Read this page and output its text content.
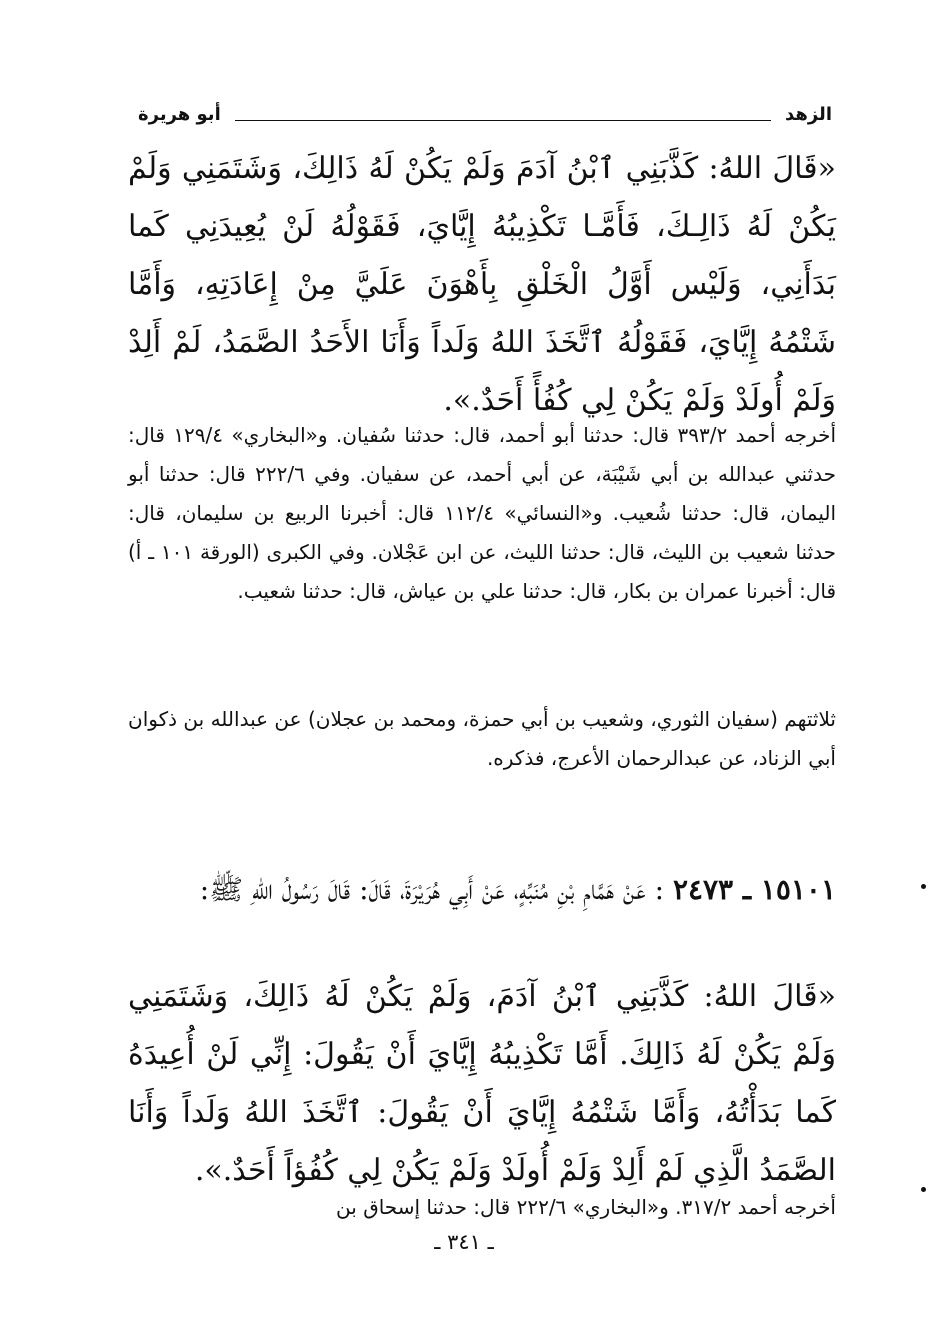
الزهد
أبو هريرة

«قَالَ اللهُ: كَذَّبَنِي ٱبْنُ آدَمَ وَلَمْ يَكُنْ لَهُ ذَالِكَ، وَشَتَمَنِي وَلَمْ يَكُنْ لَهُ ذَالِـكَ، فَأَمَّـا تَكْذِيبُهُ إِيَّايَ، فَقَوْلُهُ لَنْ يُعِيدَنِي كَما بَدَأَنِي، وَلَيْس أَوَّلُ الْخَلْقِ بِأَهْوَنَ عَلَيَّ مِنْ إِعَادَتِهِ، وَأَمَّا شَتْمُهُ إِيَّايَ، فَقَوْلُهُ ٱتَّخَذَ اللهُ وَلَداً وَأَنَا الأَحَدُ الصَّمَدُ، لَمْ أَلِدْ وَلَمْ أُولَدْ وَلَمْ يَكُنْ لِي كُفُأً أَحَدٌ.».

أخرجه أحمد ٣٩٣/٢ قال: حدثنا أبو أحمد، قال: حدثنا سُفيان. و«البخاري» ١٢٩/٤ قال: حدثني عبدالله بن أبي شَيْبَة، عن أبي أحمد، عن سفيان. وفي ٢٢٢/٦ قال: حدثنا أبو اليمان، قال: حدثنا شُعيب. و«النسائي» ١١٢/٤ قال: أخبرنا الربيع بن سليمان، قال: حدثنا شعيب بن الليث، قال: حدثنا الليث، عن ابن عَجْلان. وفي الكبرى (الورقة ١٠١ ـ أ) قال: أخبرنا عمران بن بكار، قال: حدثنا علي بن عياش، قال: حدثنا شعيب.

ثلاثتهم (سفيان الثوري، وشعيب بن أبي حمزة، ومحمد بن عجلان) عن عبدالله بن ذكوان أبي الزناد، عن عبدالرحمان الأعرج، فذكره.

١٥١٠١ ـ ٢٤٧٣ : عَنْ هَمَّامِ بْنِ مُنَبِّهٍ، عَنْ أَبِي هُرَيْرَةَ، قَالَ: قَالَ رَسُولُ اللهِ ﷺ:

«قَالَ اللهُ: كَذَّبَنِي ٱبْنُ آدَمَ، وَلَمْ يَكُنْ لَهُ ذَالِكَ، وَشَتَمَنِي وَلَمْ يَكُنْ لَهُ ذَالِكَ. أَمَّا تَكْذِيبُهُ إِيَّايَ أَنْ يَقُولَ: إِنِّي لَنْ أُعِيدَهُ كَما بَدَأْتُهُ، وَأَمَّا شَتْمُهُ إِيَّايَ أَنْ يَقُولَ: ٱتَّخَذَ اللهُ وَلَداً وَأَنَا الصَّمَدُ الَّذِي لَمْ أَلِدْ وَلَمْ أُولَدْ وَلَمْ يَكُنْ لِي كُفُؤاً أَحَدٌ.».

أخرجه أحمد ٣١٧/٢. و«البخاري» ٢٢٢/٦ قال: حدثنا إسحاق بن

ـ ٣٤١ ـ
